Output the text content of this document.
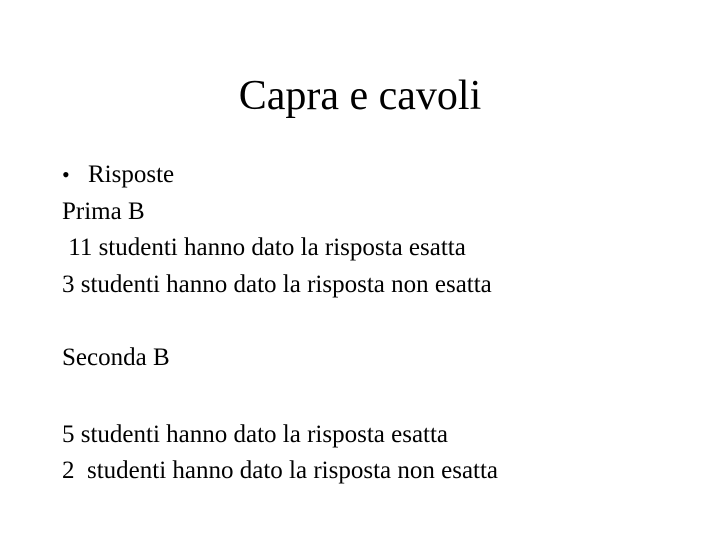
Capra e cavoli
• Risposte

Prima B

11 studenti hanno dato la risposta esatta

3 studenti hanno dato la risposta non esatta

Seconda B

5 studenti hanno dato la risposta esatta

2  studenti hanno dato la risposta non esatta
